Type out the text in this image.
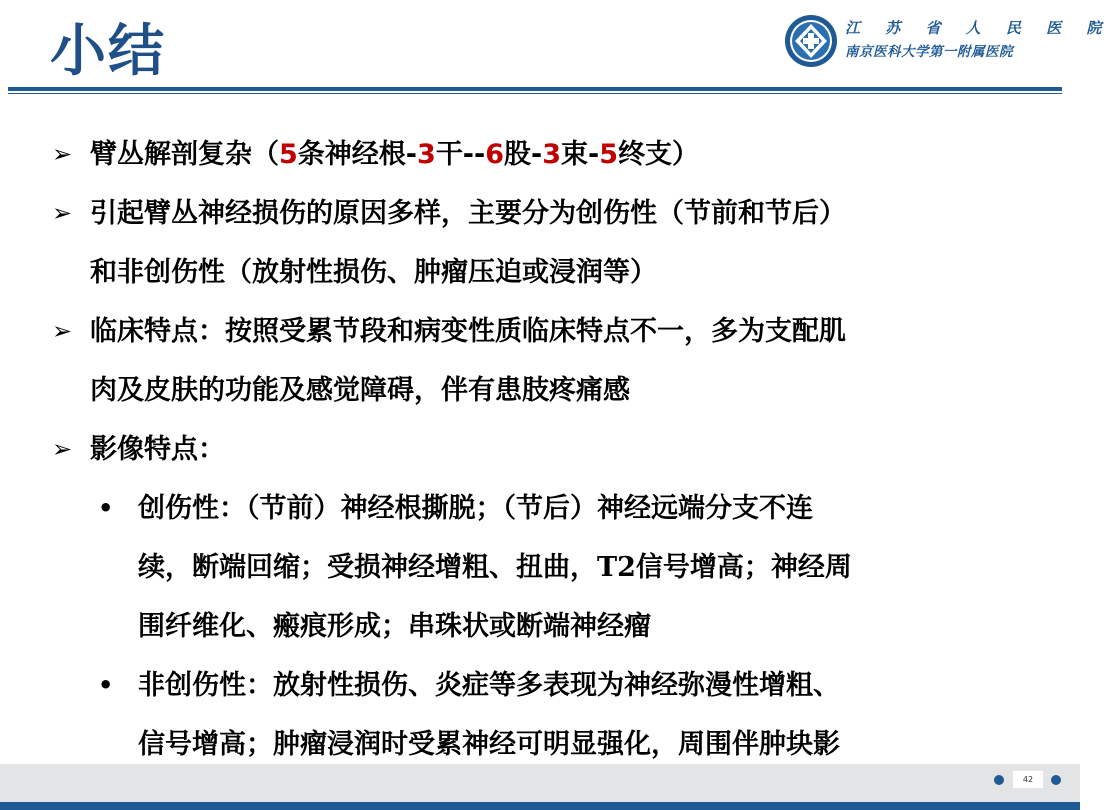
小结	江 苏 省 人 民 医 院
南京医科大学第一附属医院
➢ 臂丛解剖复杂（5条神经根-3干--6股-3束-5终支）
➢ 引起臂丛神经损伤的原因多样，主要分为创伤性（节前和节后）
和非创伤性（放射性损伤、肿瘤压迫或浸润等）
➢ 临床特点：按照受累节段和病变性质临床特点不一，多为支配肌
肉及皮肤的功能及感觉障碍，伴有患肢疼痛感
➢ 影像特点：
• 创伤性：（节前）神经根撕脱；（节后）神经远端分支不连
续，断端回缩；受损神经增粗、扭曲，T2信号增高；神经周
围纤维化、瘢痕形成；串珠状或断端神经瘤
• 非创伤性：放射性损伤、炎症等多表现为神经弥漫性增粗、
信号增高；肿瘤浸润时受累神经可明显强化，周围伴肿块影
42
